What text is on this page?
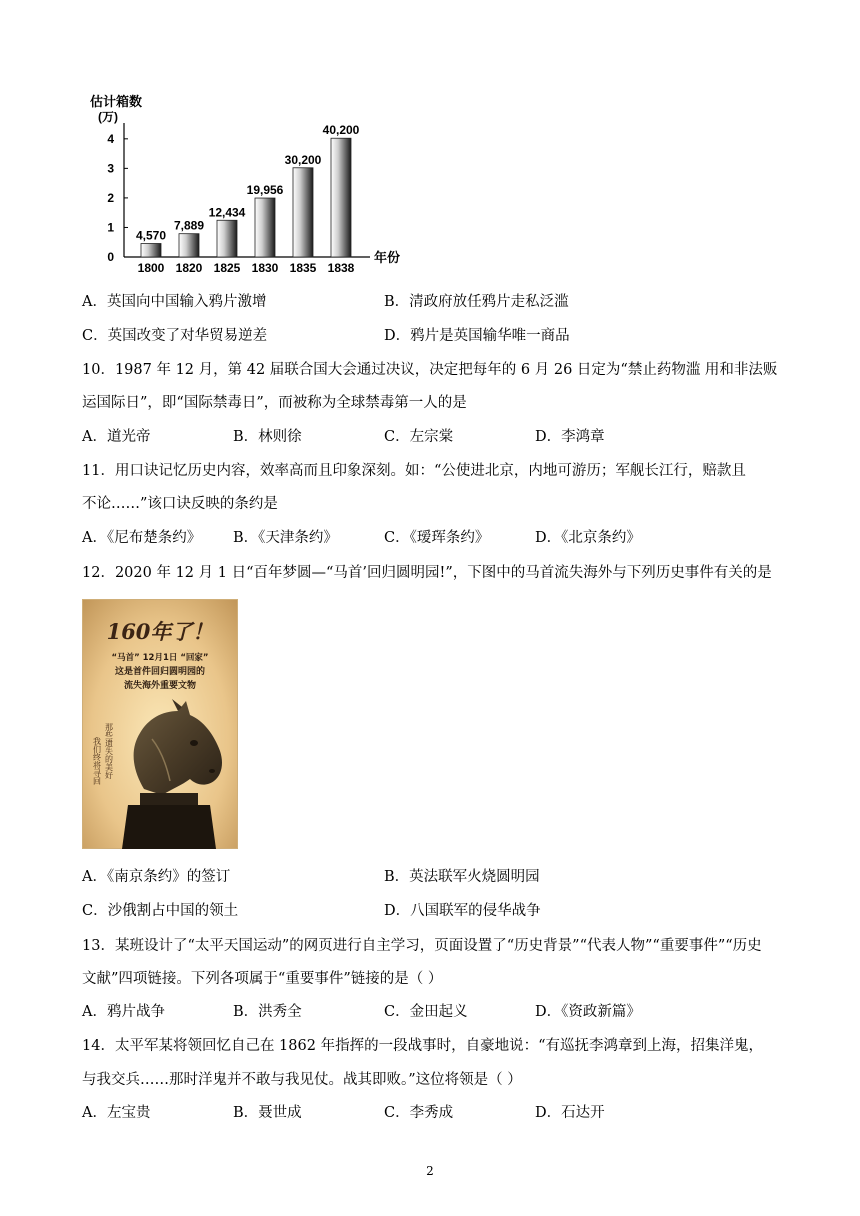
估计箱数
(万)
0
1
2
3
4
4,570
7,889
12,434
19,956
30,200
40,200
1800 1820 1825 1830 1835 1838
年份
A．英国向中国输入鸦片激增	B．清政府放任鸦片走私泛滥
C．英国改变了对华贸易逆差	D．鸦片是英国输华唯一商品
10．1987 年 12 月，第 42 届联合国大会通过决议，决定把每年的 6 月 26 日定为“禁止药物滥 用和非法贩
运国际日”，即“国际禁毒日”，而被称为全球禁毒第一人的是
A．道光帝	B．林则徐	C．左宗棠	D．李鸿章
11．用口诀记忆历史内容，效率高而且印象深刻。如：“公使进北京，内地可游历；军舰长江行，赔款且
不论……”该口诀反映的条约是
A．《尼布楚条约》 B．《天津条约》	C．《瑷珲条约》	D．《北京条约》
12．2020 年 12 月 1 日“百年梦圆—“马首’回归圆明园!”，下图中的马首流失海外与下列历史事件有关的是
160年了！
“马首” 12月1日 “回家”
这是首件回归圆明园的
流失海外重要文物
我们终将寻回 那些遗失的美好
A．《南京条约》的签订	B．英法联军火烧圆明园
C．沙俄割占中国的领土	D．八国联军的侵华战争
13．某班设计了“太平天国运动”的网页进行自主学习，页面设置了“历史背景”“代表人物”“重要事件”“历史
文献”四项链接。下列各项属于“重要事件”链接的是（ ）
A．鸦片战争	B．洪秀全	C．金田起义	D．《资政新篇》
14．太平军某将领回忆自己在 1862 年指挥的一段战事时，自豪地说：“有巡抚李鸿章到上海，招集洋鬼，
与我交兵……那时洋鬼并不敢与我见仗。战其即败。”这位将领是（ ）
A．左宝贵	B．聂世成	C．李秀成	D．石达开
2
